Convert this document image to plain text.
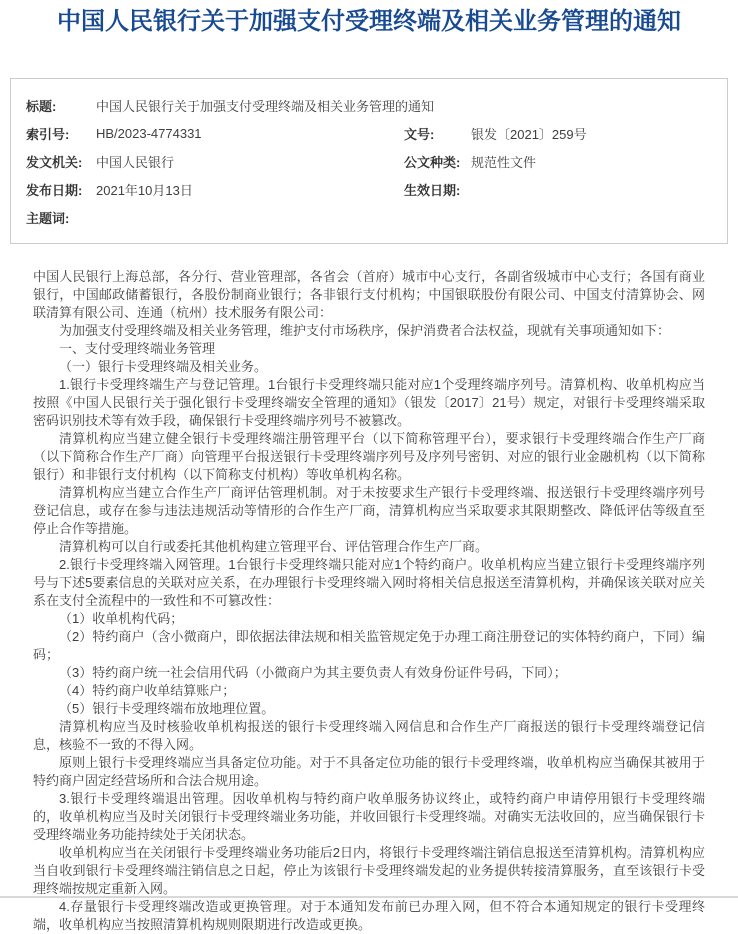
中国人民银行关于加强支付受理终端及相关业务管理的通知
标题:	中国人民银行关于加强支付受理终端及相关业务管理的通知
索引号:	HB/2023-4774331	文号:	银发〔2021〕259号
发文机关:	中国人民银行	公文种类: 规范性文件
发布日期:	2021年10月13日	生效日期:
主题词:

中国人民银行上海总部，各分行、营业管理部，各省会（首府）城市中心支行，各副省级城市中心支行；各国有商业银行，中国邮政储蓄银行，各股份制商业银行；各非银行支付机构；中国银联股份有限公司、中国支付清算协会、网联清算有限公司、连通（杭州）技术服务有限公司：

为加强支付受理终端及相关业务管理，维护支付市场秩序，保护消费者合法权益，现就有关事项通知如下：

一、支付受理终端业务管理

（一）银行卡受理终端及相关业务。

1.银行卡受理终端生产与登记管理。1台银行卡受理终端只能对应1个受理终端序列号。清算机构、收单机构应当按照《中国人民银行关于强化银行卡受理终端安全管理的通知》（银发〔2017〕21号）规定，对银行卡受理终端采取密码识别技术等有效手段，确保银行卡受理终端序列号不被篡改。

清算机构应当建立健全银行卡受理终端注册管理平台（以下简称管理平台），要求银行卡受理终端合作生产厂商（以下简称合作生产厂商）向管理平台报送银行卡受理终端序列号及序列号密钥、对应的银行业金融机构（以下简称银行）和非银行支付机构（以下简称支付机构）等收单机构名称。

清算机构应当建立合作生产厂商评估管理机制。对于未按要求生产银行卡受理终端、报送银行卡受理终端序列号登记信息，或存在参与违法违规活动等情形的合作生产厂商，清算机构应当采取要求其限期整改、降低评估等级直至停止合作等措施。

清算机构可以自行或委托其他机构建立管理平台、评估管理合作生产厂商。

2.银行卡受理终端入网管理。1台银行卡受理终端只能对应1个特约商户。收单机构应当建立银行卡受理终端序列号与下述5要素信息的关联对应关系，在办理银行卡受理终端入网时将相关信息报送至清算机构，并确保该关联对应关系在支付全流程中的一致性和不可篡改性：

（1）收单机构代码；

（2）特约商户（含小微商户，即依据法律法规和相关监管规定免于办理工商注册登记的实体特约商户，下同）编码；

（3）特约商户统一社会信用代码（小微商户为其主要负责人有效身份证件号码，下同）；

（4）特约商户收单结算账户；

（5）银行卡受理终端布放地理位置。

清算机构应当及时核验收单机构报送的银行卡受理终端入网信息和合作生产厂商报送的银行卡受理终端登记信息，核验不一致的不得入网。

原则上银行卡受理终端应当具备定位功能。对于不具备定位功能的银行卡受理终端，收单机构应当确保其被用于特约商户固定经营场所和合法合规用途。

3.银行卡受理终端退出管理。因收单机构与特约商户收单服务协议终止，或特约商户申请停用银行卡受理终端的，收单机构应当及时关闭银行卡受理终端业务功能，并收回银行卡受理终端。对确实无法收回的，应当确保银行卡受理终端业务功能持续处于关闭状态。

收单机构应当在关闭银行卡受理终端业务功能后2日内，将银行卡受理终端注销信息报送至清算机构。清算机构应当自收到银行卡受理终端注销信息之日起，停止为该银行卡受理终端发起的业务提供转接清算服务，直至该银行卡受理终端按规定重新入网。

4.存量银行卡受理终端改造或更换管理。对于本通知发布前已办理入网，但不符合本通知规定的银行卡受理终端，收单机构应当按照清算机构规则限期进行改造或更换。
